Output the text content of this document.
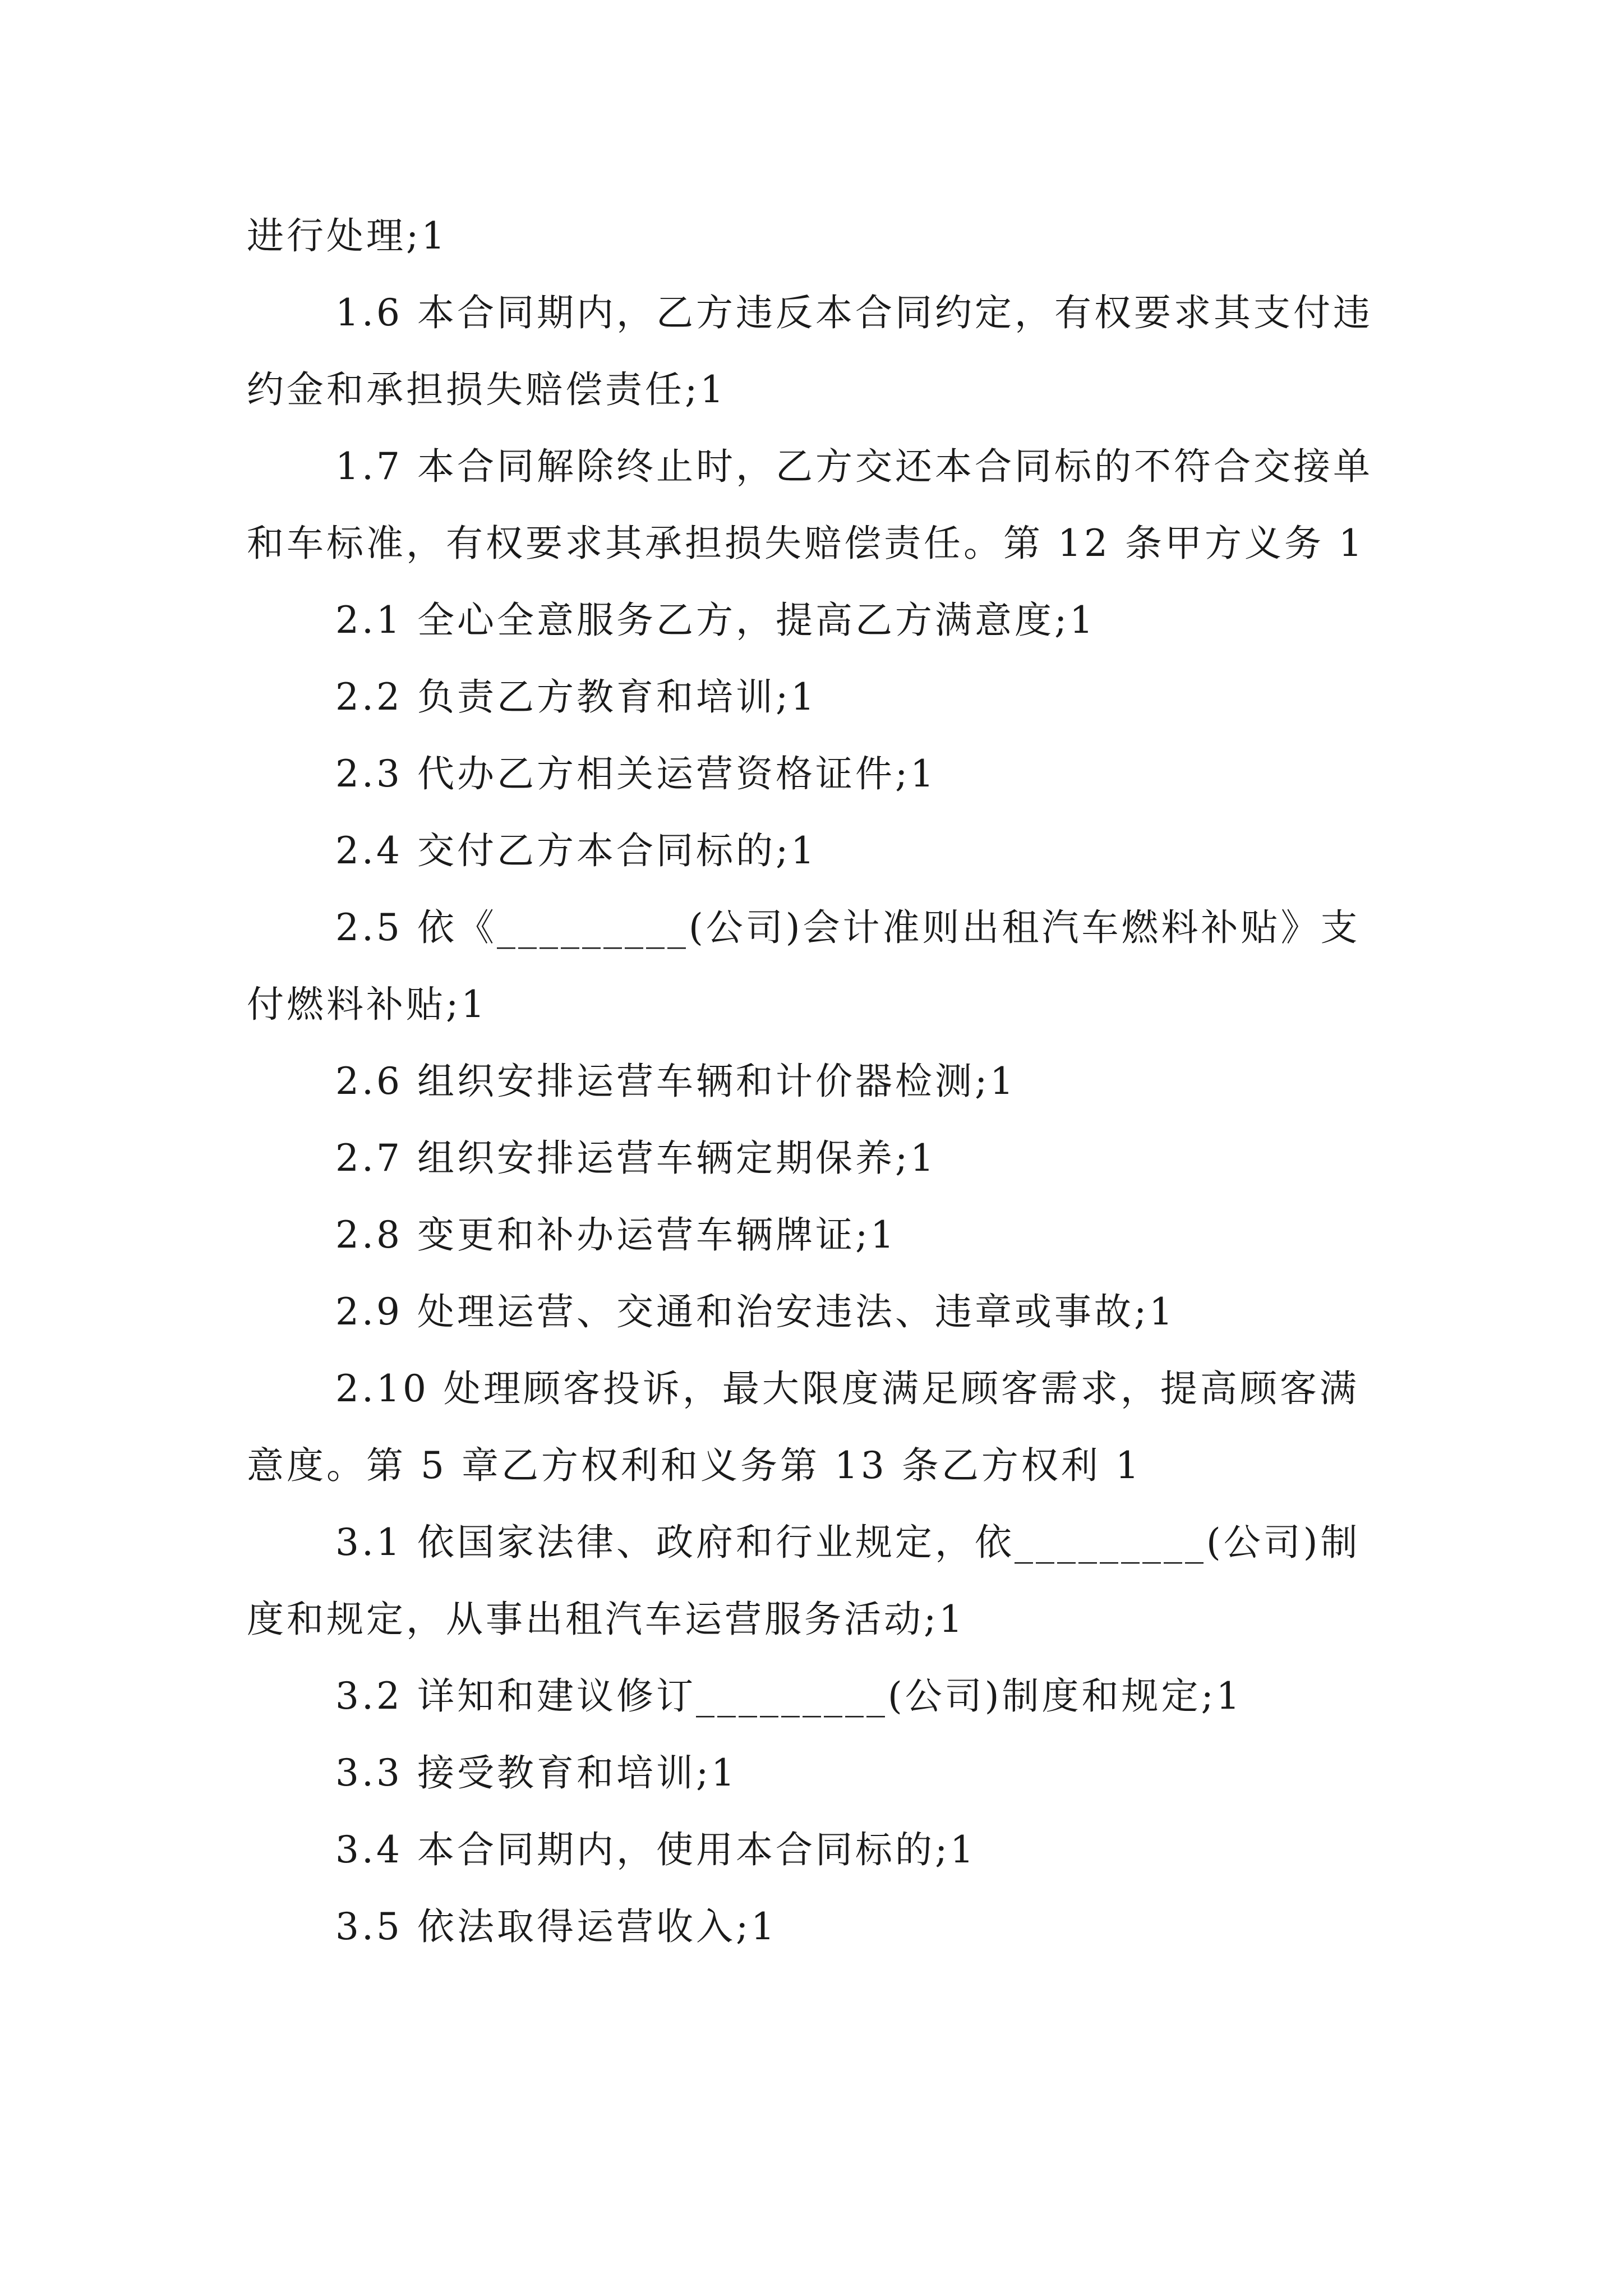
进行处理;1

1.6 本合同期内，乙方违反本合同约定，有权要求其支付违约金和承担损失赔偿责任;1

1.7 本合同解除终止时，乙方交还本合同标的不符合交接单和车标准，有权要求其承担损失赔偿责任。第 12 条甲方义务 1

2.1 全心全意服务乙方，提高乙方满意度;1

2.2 负责乙方教育和培训;1

2.3 代办乙方相关运营资格证件;1

2.4 交付乙方本合同标的;1

2.5 依《_________(公司)会计准则出租汽车燃料补贴》支付燃料补贴;1

2.6 组织安排运营车辆和计价器检测;1

2.7 组织安排运营车辆定期保养;1

2.8 变更和补办运营车辆牌证;1

2.9 处理运营、交通和治安违法、违章或事故;1

2.10 处理顾客投诉，最大限度满足顾客需求，提高顾客满意度。第 5 章乙方权利和义务第 13 条乙方权利 1

3.1 依国家法律、政府和行业规定，依_________(公司)制度和规定，从事出租汽车运营服务活动;1

3.2 详知和建议修订_________(公司)制度和规定;1

3.3 接受教育和培训;1

3.4 本合同期内，使用本合同标的;1

3.5 依法取得运营收入;1
